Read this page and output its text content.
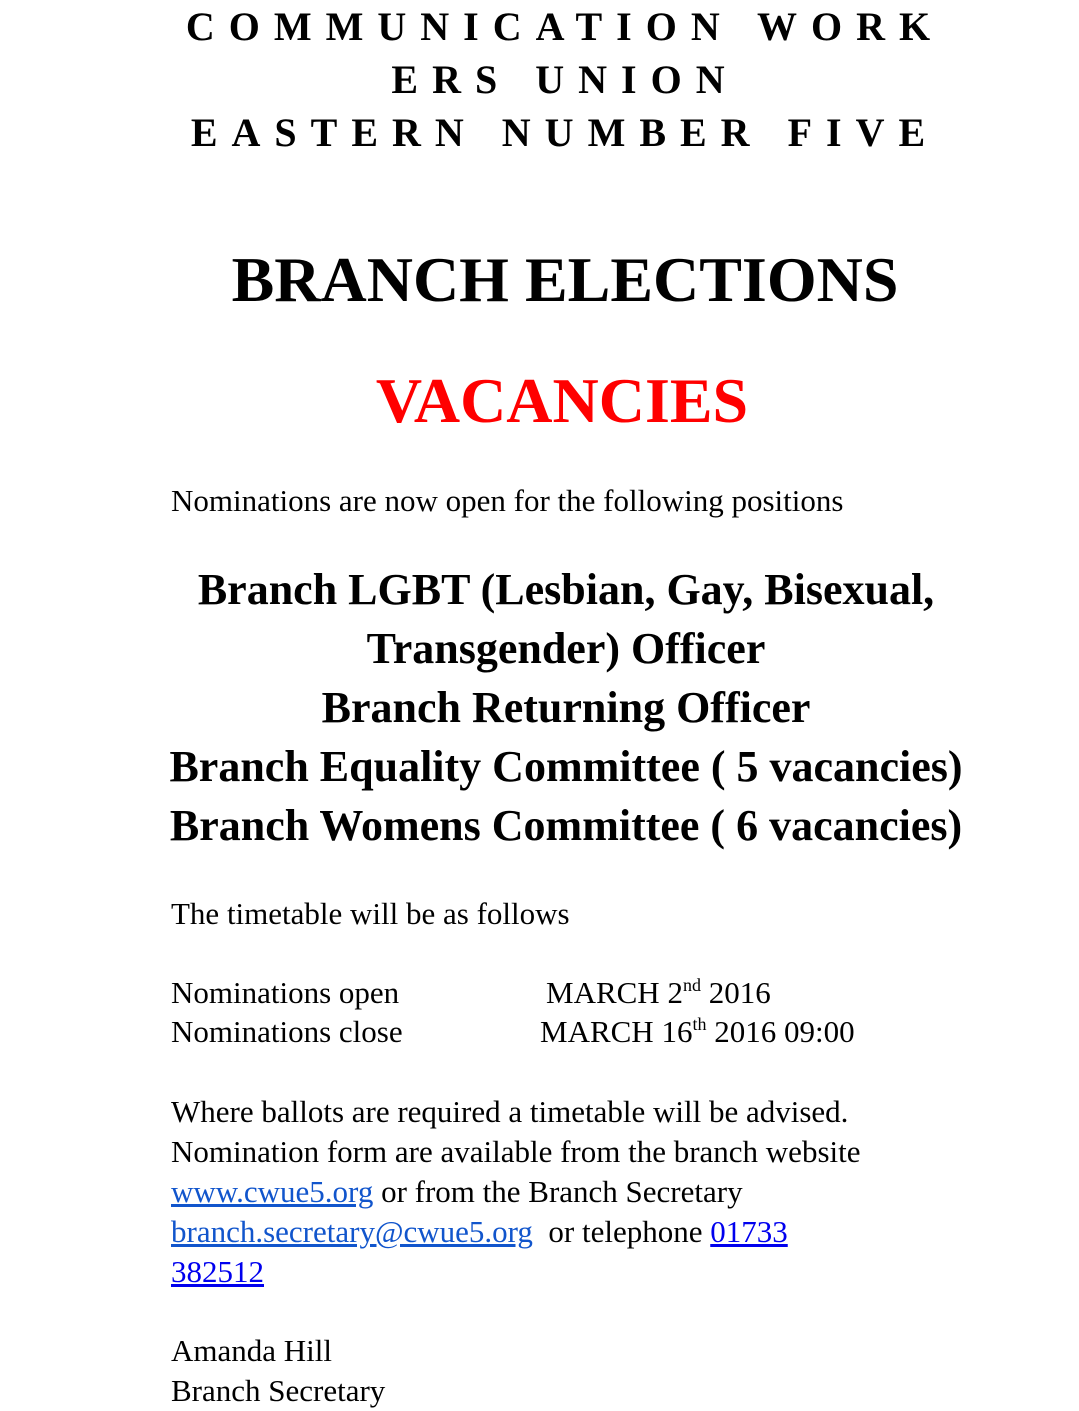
COMMUNICATION WORK
ERS UNION
EASTERN NUMBER FIVE
BRANCH ELECTIONS
VACANCIES
Nominations are now open for the following positions
Branch LGBT (Lesbian, Gay, Bisexual,
Transgender) Officer
Branch Returning Officer
Branch Equality Committee ( 5 vacancies)
Branch Womens Committee ( 6 vacancies)
The timetable will be as follows
Nominations open	MARCH 2nd 2016
Nominations close	MARCH 16th 2016 09:00
Where ballots are required a timetable will be advised.
Nomination form are available from the branch website
www.cwue5.org or from the Branch Secretary
branch.secretary@cwue5.org  or telephone 01733
382512
Amanda Hill
Branch Secretary
